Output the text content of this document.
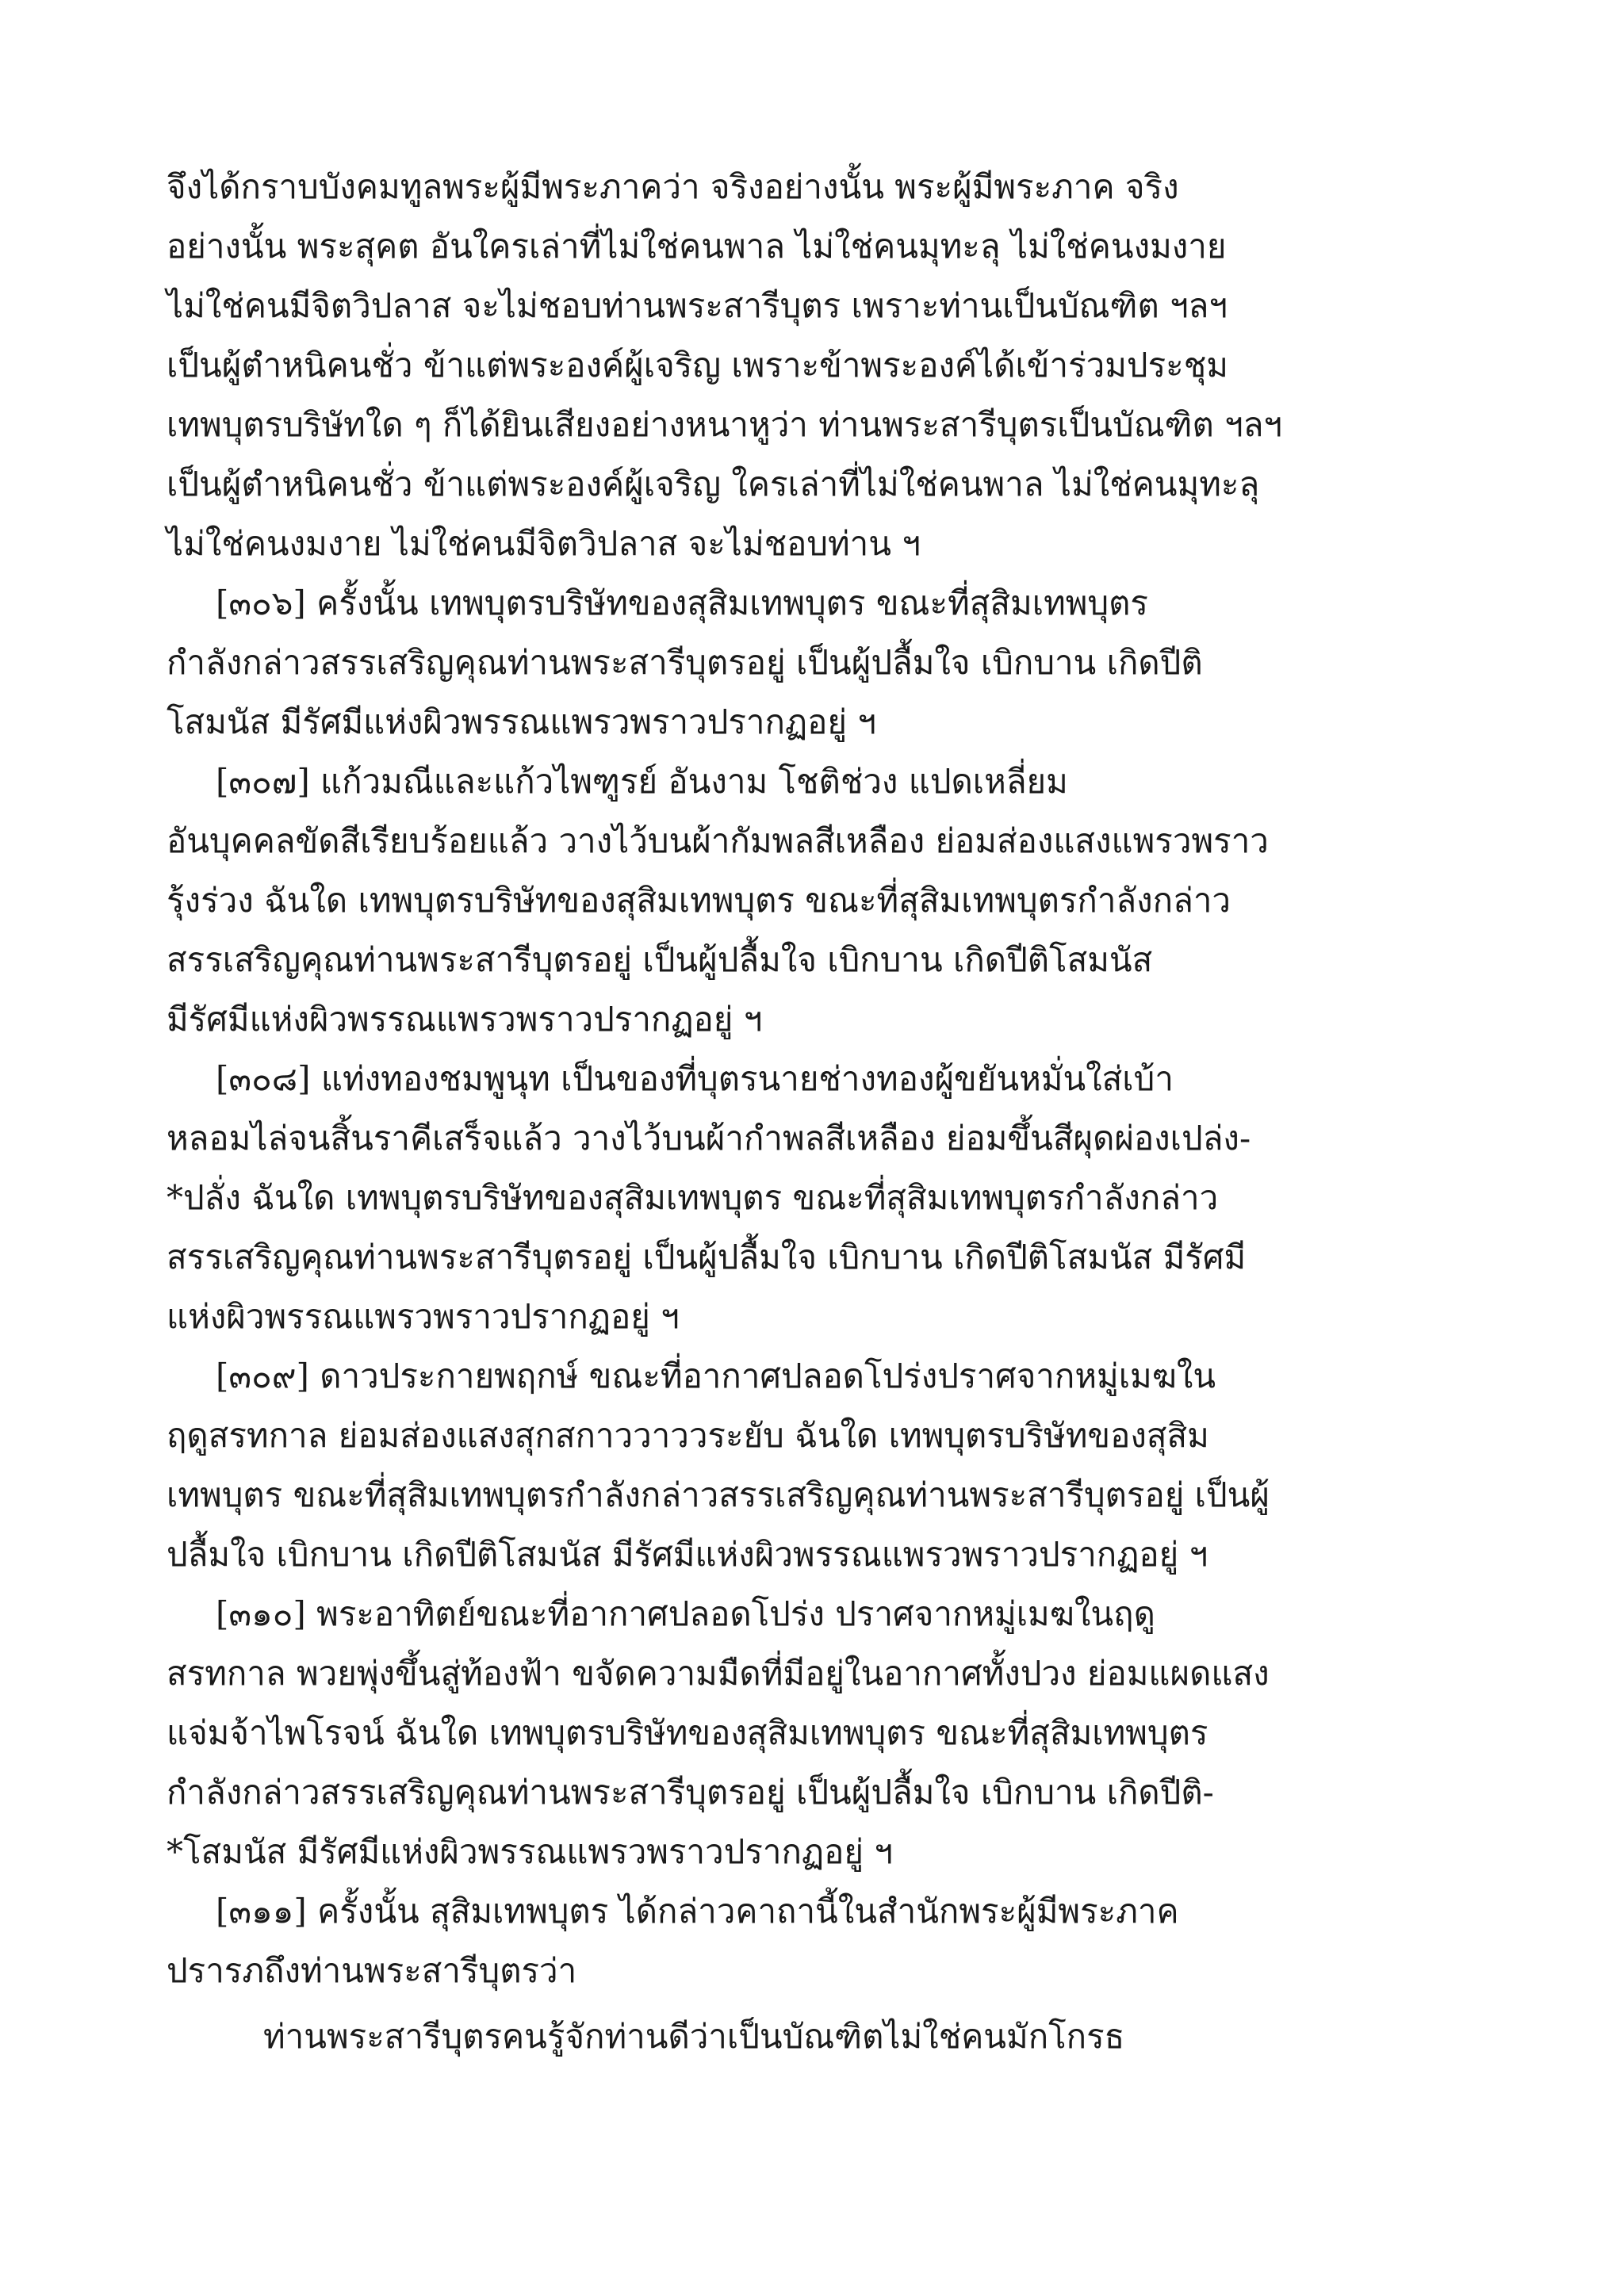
จึงได้กราบบังคมทูลพระผู้มีพระภาคว่า จริงอย่างนั้น พระผู้มีพระภาค จริง
อย่างนั้น พระสุคต อันใครเล่าที่ไม่ใช่คนพาล ไม่ใช่คนมุทะลุ ไม่ใช่คนงมงาย
ไม่ใช่คนมีจิตวิปลาส จะไม่ชอบท่านพระสารีบุตร เพราะท่านเป็นบัณฑิต ฯลฯ
เป็นผู้ตำหนิคนชั่ว ข้าแต่พระองค์ผู้เจริญ เพราะข้าพระองค์ได้เข้าร่วมประชุม
เทพบุตรบริษัทใด ๆ ก็ได้ยินเสียงอย่างหนาหูว่า ท่านพระสารีบุตรเป็นบัณฑิต ฯลฯ
เป็นผู้ตำหนิคนชั่ว ข้าแต่พระองค์ผู้เจริญ ใครเล่าที่ไม่ใช่คนพาล ไม่ใช่คนมุทะลุ
ไม่ใช่คนงมงาย ไม่ใช่คนมีจิตวิปลาส จะไม่ชอบท่าน ฯ
[๓๐๖] ครั้งนั้น เทพบุตรบริษัทของสุสิมเทพบุตร ขณะที่สุสิมเทพบุตร
กำลังกล่าวสรรเสริญคุณท่านพระสารีบุตรอยู่ เป็นผู้ปลื้มใจ เบิกบาน เกิดปีติ
โสมนัส มีรัศมีแห่งผิวพรรณแพรวพราวปรากฏอยู่ ฯ
[๓๐๗] แก้วมณีและแก้วไพฑูรย์ อันงาม โชติช่วง แปดเหลี่ยม
อันบุคคลขัดสีเรียบร้อยแล้ว วางไว้บนผ้ากัมพลสีเหลือง ย่อมส่องแสงแพรวพราว
รุ้งร่วง ฉันใด เทพบุตรบริษัทของสุสิมเทพบุตร ขณะที่สุสิมเทพบุตรกำลังกล่าว
สรรเสริญคุณท่านพระสารีบุตรอยู่ เป็นผู้ปลื้มใจ เบิกบาน เกิดปีติโสมนัส
มีรัศมีแห่งผิวพรรณแพรวพราวปรากฏอยู่ ฯ
[๓๐๘] แท่งทองชมพูนุท เป็นของที่บุตรนายช่างทองผู้ขยันหมั่นใส่เบ้า
หลอมไล่จนสิ้นราคีเสร็จแล้ว วางไว้บนผ้ากำพลสีเหลือง ย่อมขึ้นสีผุดผ่องเปล่ง-
*ปลั่ง ฉันใด เทพบุตรบริษัทของสุสิมเทพบุตร ขณะที่สุสิมเทพบุตรกำลังกล่าว
สรรเสริญคุณท่านพระสารีบุตรอยู่ เป็นผู้ปลื้มใจ เบิกบาน เกิดปีติโสมนัส มีรัศมี
แห่งผิวพรรณแพรวพราวปรากฏอยู่ ฯ
[๓๐๙] ดาวประกายพฤกษ์ ขณะที่อากาศปลอดโปร่งปราศจากหมู่เมฆใน
ฤดูสรทกาล ย่อมส่องแสงสุกสกาววาววระยับ ฉันใด เทพบุตรบริษัทของสุสิม
เทพบุตร ขณะที่สุสิมเทพบุตรกำลังกล่าวสรรเสริญคุณท่านพระสารีบุตรอยู่ เป็นผู้
ปลื้มใจ เบิกบาน เกิดปีติโสมนัส มีรัศมีแห่งผิวพรรณแพรวพราวปรากฏอยู่ ฯ
[๓๑๐] พระอาทิตย์ขณะที่อากาศปลอดโปร่ง ปราศจากหมู่เมฆในฤดู
สรทกาล พวยพุ่งขึ้นสู่ท้องฟ้า ขจัดความมืดที่มีอยู่ในอากาศทั้งปวง ย่อมแผดแสง
แจ่มจ้าไพโรจน์ ฉันใด เทพบุตรบริษัทของสุสิมเทพบุตร ขณะที่สุสิมเทพบุตร
กำลังกล่าวสรรเสริญคุณท่านพระสารีบุตรอยู่ เป็นผู้ปลื้มใจ เบิกบาน เกิดปีติ-
*โสมนัส มีรัศมีแห่งผิวพรรณแพรวพราวปรากฏอยู่ ฯ
[๓๑๑] ครั้งนั้น สุสิมเทพบุตร ได้กล่าวคาถานี้ในสำนักพระผู้มีพระภาค
ปรารภถึงท่านพระสารีบุตรว่า
ท่านพระสารีบุตรคนรู้จักท่านดีว่าเป็นบัณฑิตไม่ใช่คนมักโกรธ
